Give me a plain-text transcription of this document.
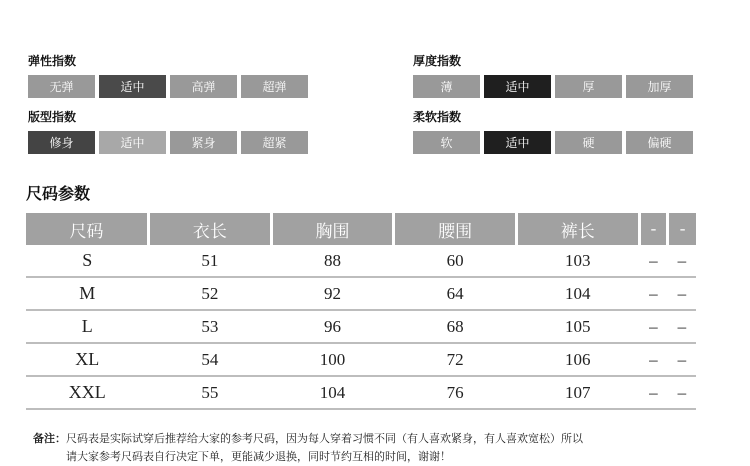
弹性指数
无弹	适中	高弹	超弹
版型指数
修身	适中	紧身	超紧
厚度指数
薄	适中	厚	加厚
柔软指数
软	适中	硬	偏硬
尺码参数
尺码	衣长	胸围	腰围	裤长	-	-
S	51	88	60	103	–	–
M	52	92	64	104	–	–
L	53	96	68	105	–	–
XL	54	100	72	106	–	–
XXL	55	104	76	107	–	–
备注：尺码表是实际试穿后推荐给大家的参考尺码，因为每人穿着习惯不同（有人喜欢紧身，有人喜欢宽松）所以
请大家参考尺码表自行决定下单，更能减少退换，同时节约互相的时间，谢谢！
